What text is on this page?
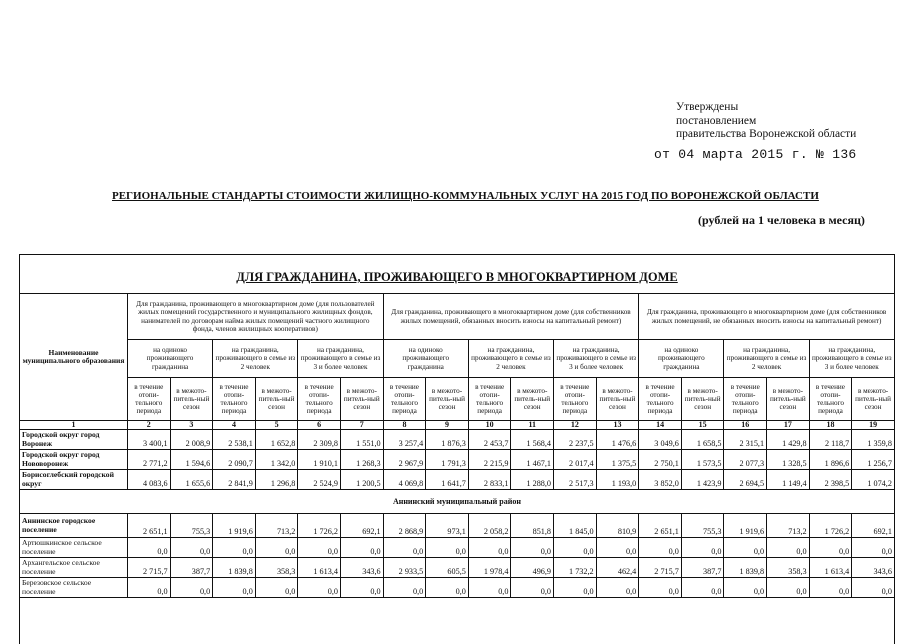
Утверждены
постановлением
правительства Воронежской области
от 04 марта 2015 г. № 136
РЕГИОНАЛЬНЫЕ СТАНДАРТЫ СТОИМОСТИ ЖИЛИЩНО-КОММУНАЛЬНЫХ УСЛУГ НА 2015 ГОД ПО ВОРОНЕЖСКОЙ ОБЛАСТИ
(рублей на 1 человека в месяц)
ДЛЯ ГРАЖДАНИНА, ПРОЖИВАЮЩЕГО В МНОГОКВАРТИРНОМ ДОМЕ
Наименование муниципального образования	Для гражданина, проживающего в многоквартирном доме (для пользователей жилых помещений государственного и муниципального жилищных фондов, нанимателей по договорам найма жилых помещений частного жилищного фонда, членов жилищных кооперативов)						Для гражданина, проживающего в многоквартирном доме (для собственников жилых помещений, обязанных вносить взносы на капитальный ремонт)						Для гражданина, проживающего в многоквартирном доме (для собственников жилых помещений, не обязанных вносить взносы на капитальный ремонт)					
	на одиноко проживающего гражданина		на гражданина, проживающего в семье из 2 человек		на гражданина, проживающего в семье из 3 и более человек		на одиноко проживающего гражданина		на гражданина, проживающего в семье из 2 человек		на гражданина, проживающего в семье из 3 и более человек		на одиноко проживающего гражданина		на гражданина, проживающего в семье из 2 человек		на гражданина, проживающего в семье из 3 и более человек	
	в течение отопи-тельного периода	в межото-питель-ный сезон	в течение отопи-тельного периода	в межото-питель-ный сезон	в течение отопи-тельного периода	в межото-питель-ный сезон	в течение отопи-тельного периода	в межото-питель-ный сезон	в течение отопи-тельного периода	в межото-питель-ный сезон	в течение отопи-тельного периода	в межото-питель-ный сезон	в течение отопи-тельного периода	в межото-питель-ный сезон	в течение отопи-тельного периода	в межото-питель-ный сезон	в течение отопи-тельного периода	в межото-питель-ный сезон
1	2	3	4	5	6	7	8	9	10	11	12	13	14	15	16	17	18	19
Городской округ город Воронеж	3 400,1	2 008,9	2 538,1	1 652,8	2 309,8	1 551,0	3 257,4	1 876,3	2 453,7	1 568,4	2 237,5	1 476,6	3 049,6	1 658,5	2 315,1	1 429,8	2 118,7	1 359,8
Городской округ город Нововоронеж	2 771,2	1 594,6	2 090,7	1 342,0	1 910,1	1 268,3	2 967,9	1 791,3	2 215,9	1 467,1	2 017,4	1 375,5	2 750,1	1 573,5	2 077,3	1 328,5	1 896,6	1 256,7
Борисоглебский городской округ	4 083,6	1 655,6	2 841,9	1 296,8	2 524,9	1 200,5	4 069,8	1 641,7	2 833,1	1 288,0	2 517,3	1 193,0	3 852,0	1 423,9	2 694,5	1 149,4	2 398,5	1 074,2
Аннинский муниципальный район																		
Аннинское городское поселение	2 651,1	755,3	1 919,6	713,2	1 726,2	692,1	2 868,9	973,1	2 058,2	851,8	1 845,0	810,9	2 651,1	755,3	1 919,6	713,2	1 726,2	692,1
Артюшкинское сельское поселение	0,0	0,0	0,0	0,0	0,0	0,0	0,0	0,0	0,0	0,0	0,0	0,0	0,0	0,0	0,0	0,0	0,0	0,0
Архангельское сельское поселение	2 715,7	387,7	1 839,8	358,3	1 613,4	343,6	2 933,5	605,5	1 978,4	496,9	1 732,2	462,4	2 715,7	387,7	1 839,8	358,3	1 613,4	343,6
Березовское сельское поселение	0,0	0,0	0,0	0,0	0,0	0,0	0,0	0,0	0,0	0,0	0,0	0,0	0,0	0,0	0,0	0,0	0,0	0,0
